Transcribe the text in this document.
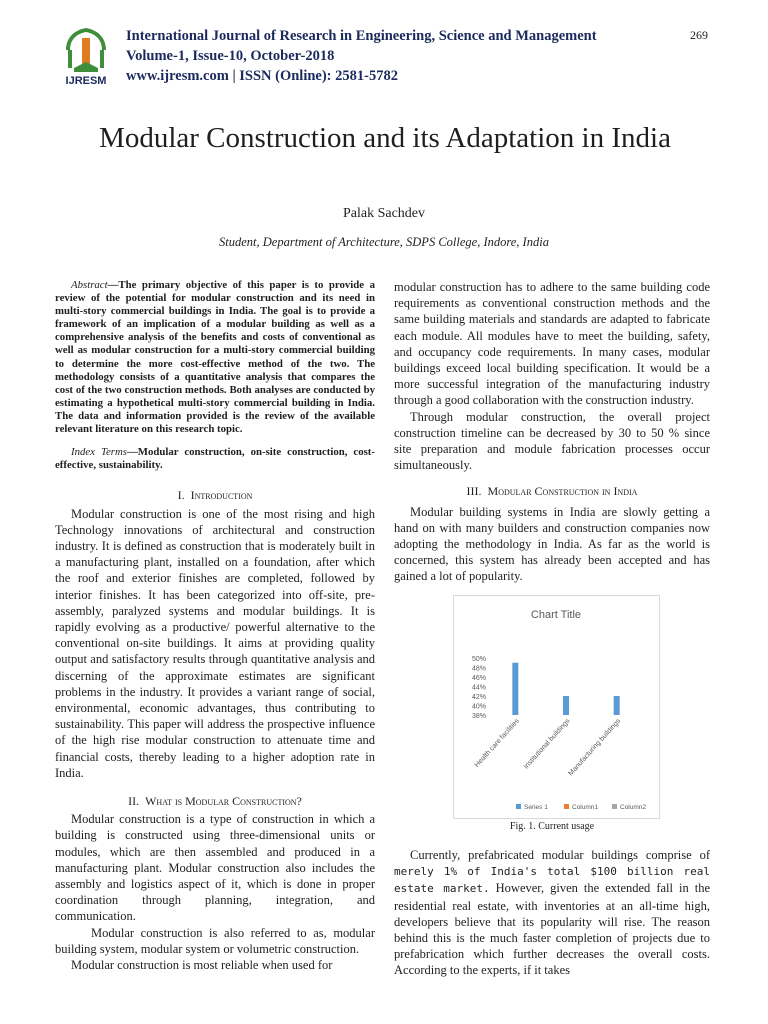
IJRESM
International Journal of Research in Engineering, Science and Management
Volume-1, Issue-10, October-2018
www.ijresm.com | ISSN (Online): 2581-5782
269
Modular Construction and its Adaptation in India
Palak Sachdev
Student, Department of Architecture, SDPS College, Indore, India

Abstract—The primary objective of this paper is to provide a review of the potential for modular construction and its need in multi-story commercial buildings in India. The goal is to provide a framework of an implication of a modular building as well as a comprehensive analysis of the benefits and costs of conventional as well as modular construction for a multi-story commercial building to determine the more cost-effective method of the two. The methodology consists of a quantitative analysis that compares the cost of the two construction methods. Both analyses are conducted by estimating a hypothetical multi-story commercial building in India. The data and information provided is the review of the available relevant literature on this research topic.

Index Terms—Modular construction, on-site construction, cost-effective, sustainability.

I. Introduction

Modular construction is one of the most rising and high Technology innovations of architectural and construction industry. It is defined as construction that is moderately built in a manufacturing plant, installed on a foundation, after which the roof and exterior finishes are completed, followed by interior finishes. It has been categorized into off-site, pre-assembly, paralyzed systems and modular buildings. It is rapidly evolving as a productive/ powerful alternative to the conventional on-site buildings. It aims at providing quality output and satisfactory results through quantitative analysis and discerning of the approximate estimates are significant problems in the industry. It provides a variant range of social, environmental, economic advantages, thus contributing to sustainability. This paper will address the prospective influence of the high rise modular construction to attenuate time and financial costs, thereby leading to a higher adoption rate in India.

II. What is Modular Construction?

Modular construction is a type of construction in which a building is constructed using three-dimensional units or modules, which are then assembled and produced in a manufacturing plant. Modular construction also includes the assembly and logistics aspect of it, which is done in proper coordination through planning, integration, and communication.

Modular construction is also referred to as, modular building system, modular system or volumetric construction.

Modular construction is most reliable when used for

modular construction has to adhere to the same building code requirements as conventional construction methods and the same building materials and standards are adapted to fabricate each module. All modules have to meet the building, safety, and occupancy code requirements. In many cases, modular buildings exceed local building specification. It would be a more successful integration of the manufacturing industry through a good collaboration with the construction industry.

Through modular construction, the overall project construction timeline can be decreased by 30 to 50 % since site preparation and module fabrication processes occur simultaneously.

III. Modular Construction in India

Modular building systems in India are slowly getting a hand on with many builders and construction companies now adopting the methodology in India. As far as the world is concerned, this system has already been accepted and has gained a lot of popularity.

Chart Title
50%
48%
46%
44%
42%
40%
38%
Health care facilities Institutional buildings
Manufacturing buildings
Series 1	Column1	Column2
Fig. 1. Current usage

Currently, prefabricated modular buildings comprise of merely 1% of India's total $100 billion real estate market. However, given the extended fall in the residential real estate, with inventories at an all-time high, developers believe that its popularity will rise. The reason behind this is the much faster completion of projects due to prefabrication which further decreases the overall costs. According to the experts, if it takes
